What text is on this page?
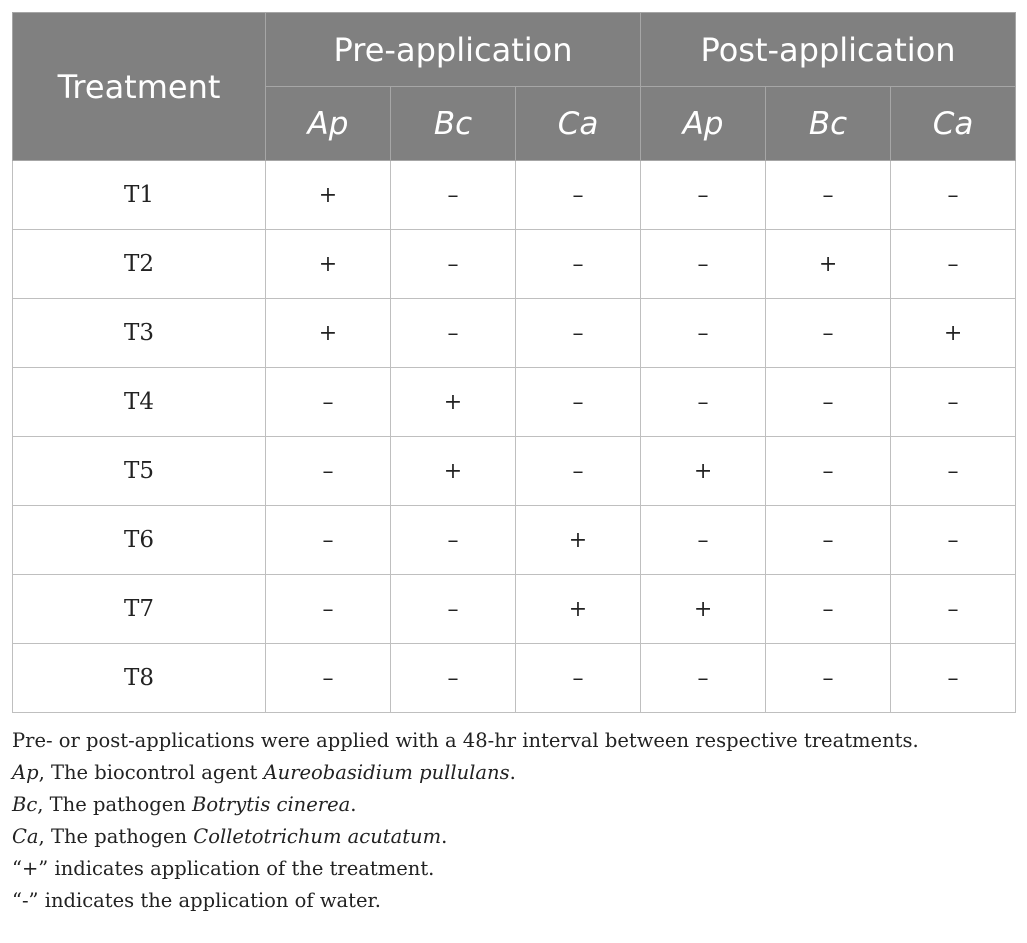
Treatment	Pre-application			Post-application		
	Ap	Bc	Ca	Ap	Bc	Ca
T1	+	–	–	–	–	–
T2	+	–	–	–	+	–
T3	+	–	–	–	–	+
T4	–	+	–	–	–	–
T5	–	+	–	+	–	–
T6	–	–	+	–	–	–
T7	–	–	+	+	–	–
T8	–	–	–	–	–	–

Pre- or post-applications were applied with a 48-hr interval between respective treatments.

Ap, The biocontrol agent Aureobasidium pullulans.

Bc, The pathogen Botrytis cinerea.

Ca, The pathogen Colletotrichum acutatum.

“+” indicates application of the treatment.

“-” indicates the application of water.
